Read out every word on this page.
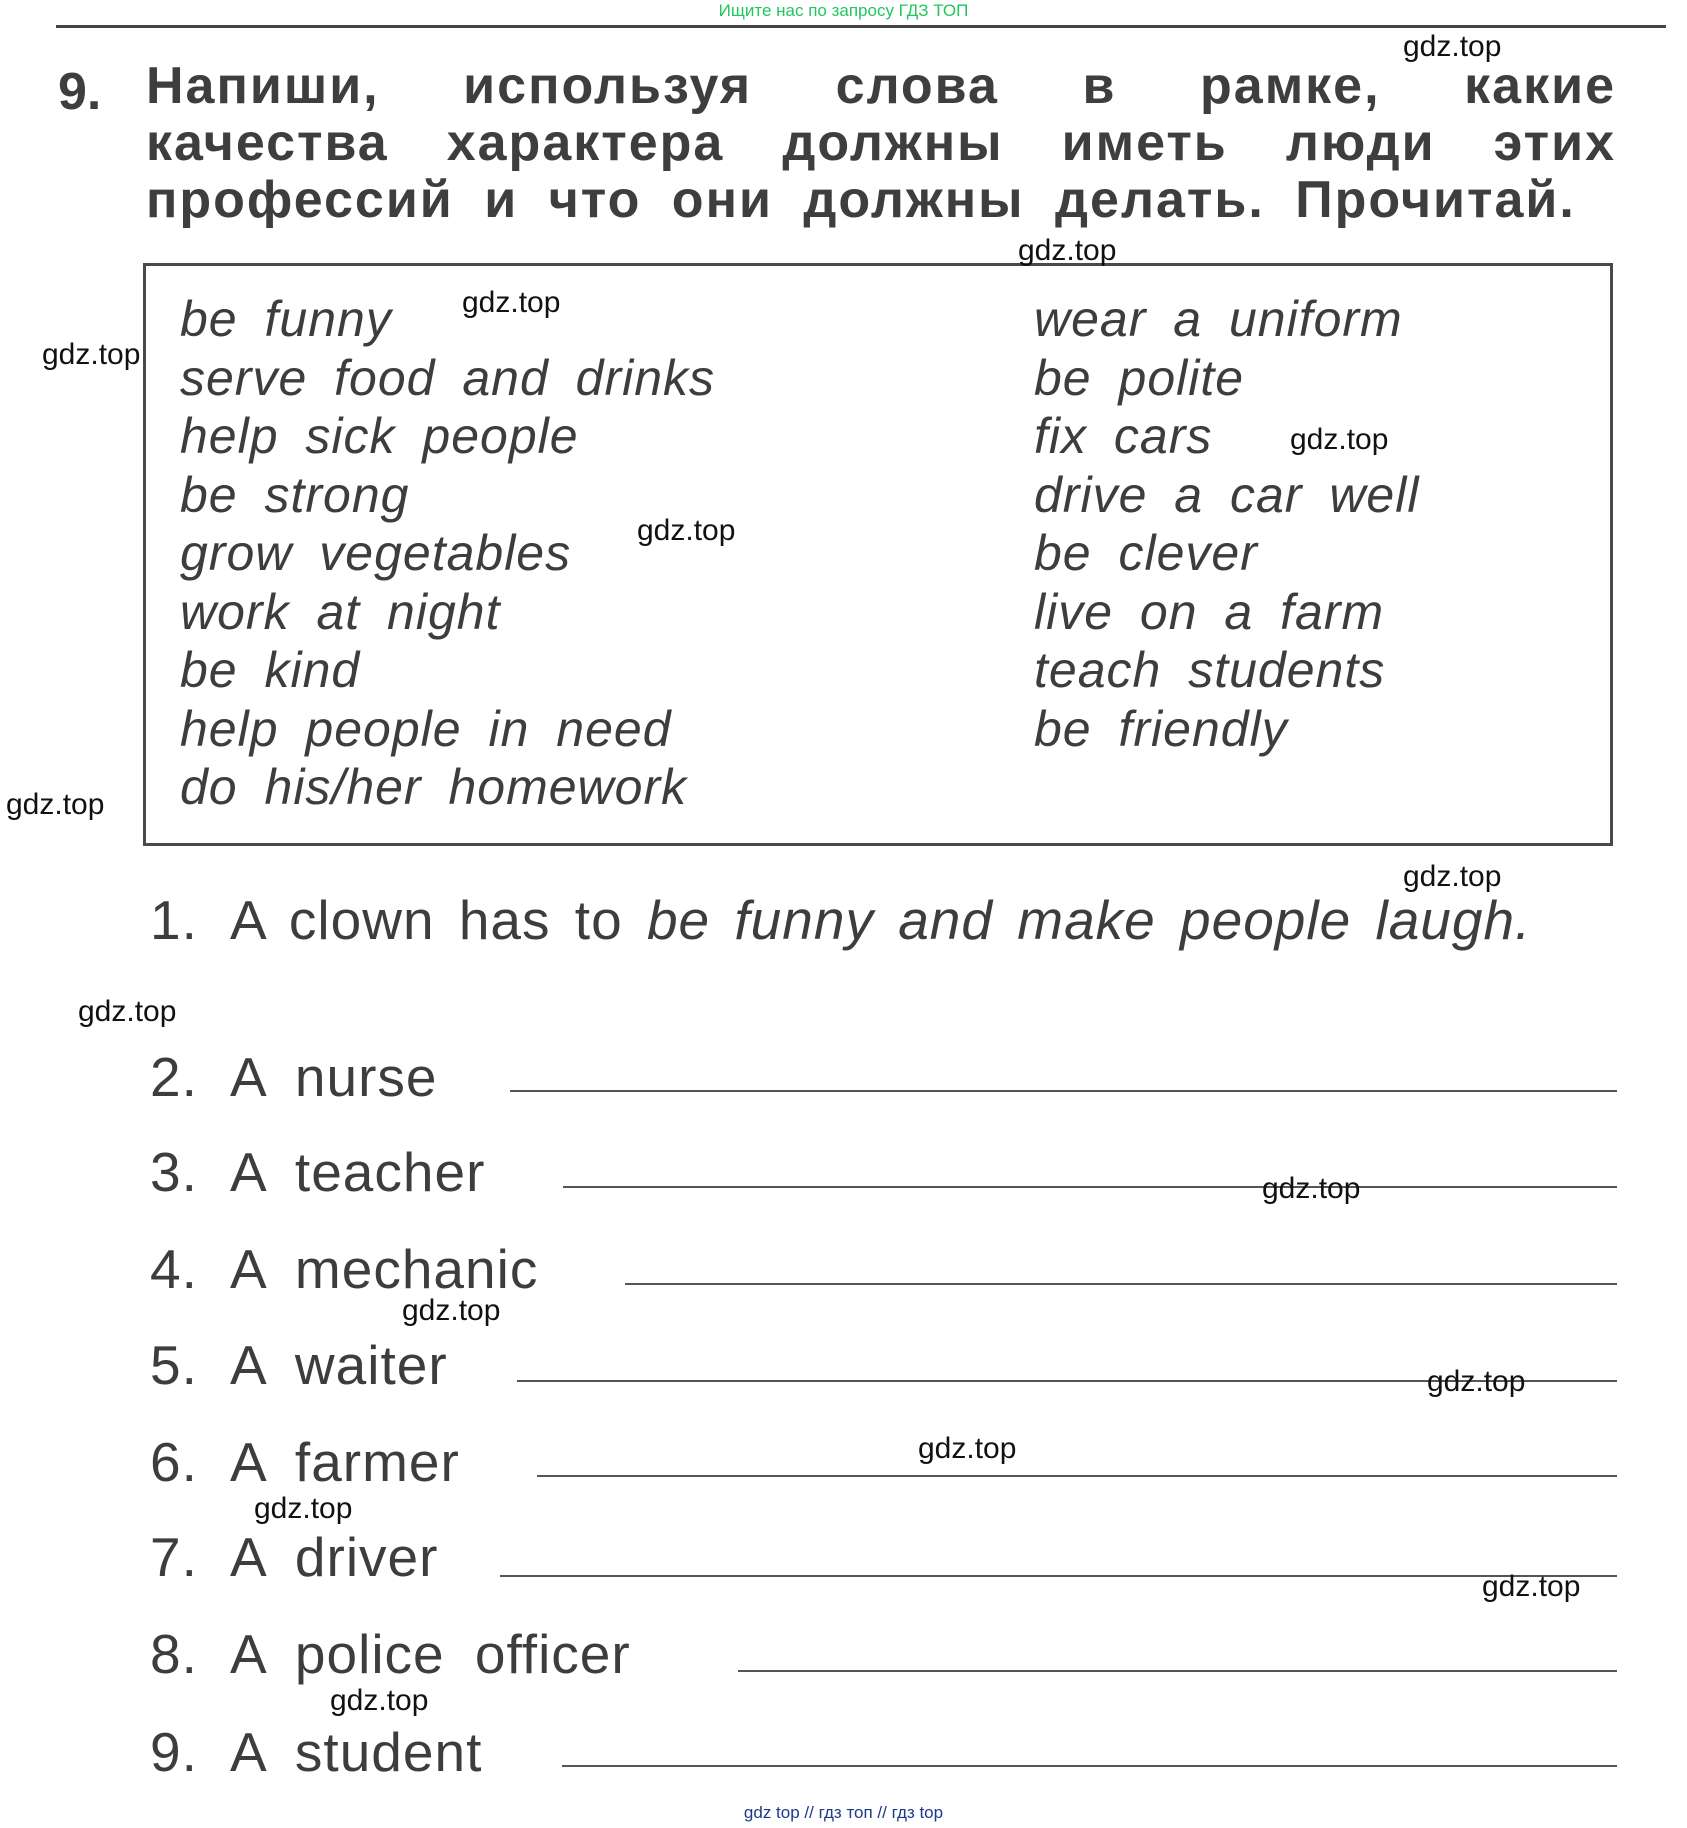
Ищите нас по запросу ГДЗ ТОП
9. Напиши, используя слова в рамке, какие качества характера должны иметь люди этих профессий и что они должны делать. Прочитай.
be funny
serve food and drinks
help sick people
be strong
grow vegetables
work at night
be kind
help people in need
do his/her homework
wear a uniform
be polite
fix cars
drive a car well
be clever
live on a farm
teach students
be friendly
1. A clown has to be funny and make people laugh.
2. A nurse
3. A teacher
4. A mechanic
5. A waiter
6. A farmer
7. A driver
8. A police officer
9. A student
gdz.top
gdz.top
gdz.top
gdz.top
gdz.top
gdz.top
gdz.top
gdz.top
gdz.top
gdz.top
gdz.top
gdz.top
gdz.top
gdz.top
gdz.top
gdz.top
gdz top // гдз топ // гдз top
